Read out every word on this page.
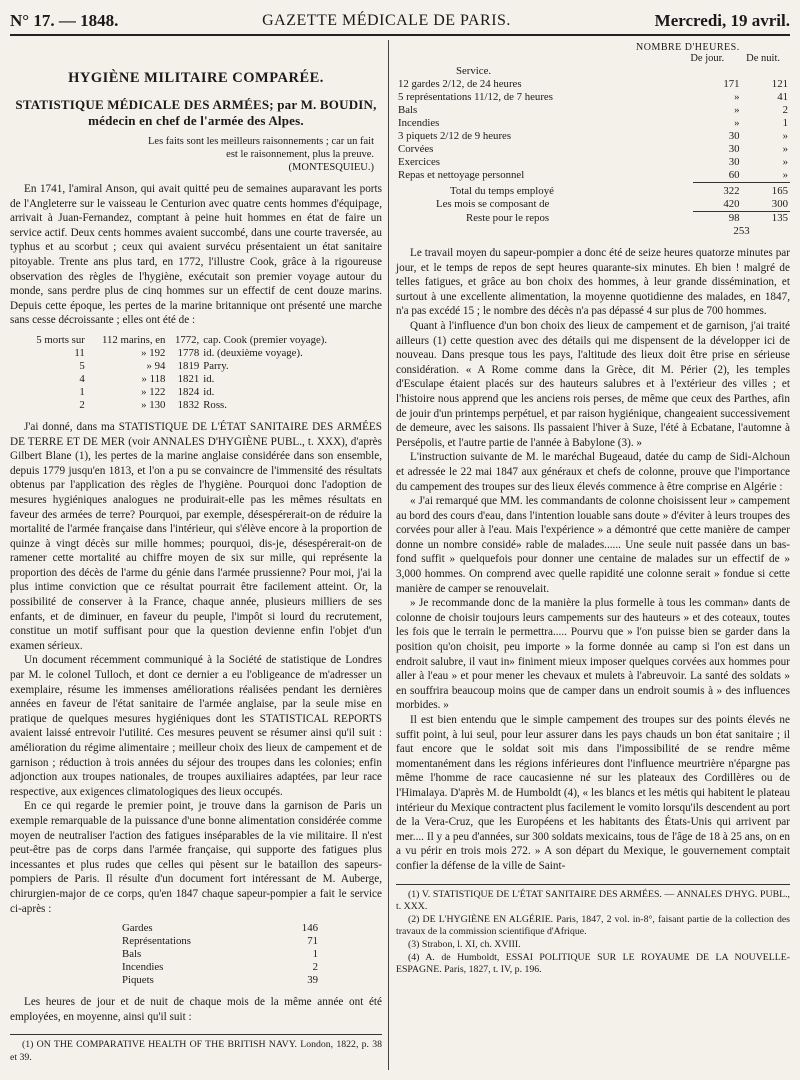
N° 17. — 1848.	GAZETTE MÉDICALE DE PARIS.	Mercredi, 19 avril.
HYGIÈNE MILITAIRE COMPARÉE.
STATISTIQUE MÉDICALE DES ARMÉES; par M. BOUDIN,
médecin en chef de l'armée des Alpes.
Les faits sont les meilleurs raisonnements ; car un fait est le raisonnement, plus la preuve.
(MONTESQUIEU.)

En 1741, l'amiral Anson, qui avait quitté peu de semaines auparavant les ports de l'Angleterre sur le vaisseau le Centurion avec quatre cents hommes d'équipage, arrivait à Juan-Fernandez, comptant à peine huit hommes en état de faire un service actif. Deux cents hommes avaient succombé, dans une courte traversée, au typhus et au scorbut ; ceux qui avaient survécu présentaient un état sanitaire pitoyable. Trente ans plus tard, en 1772, l'illustre Cook, grâce à la rigoureuse observation des règles de l'hygiène, exécutait son premier voyage autour du monde, sans perdre plus de cinq hommes sur un effectif de cent douze marins. Depuis cette époque, les pertes de la marine britannique ont présenté une marche sans cesse décroissante ; elles ont été de :

5 morts sur	112 marins, en	1772,	cap. Cook (premier voyage).
11	» 192	1778	id. (deuxième voyage).
5	» 94	1819	Parry.
4	» 118	1821	id.
1	» 122	1824	id.
2	» 130	1832	Ross.

J'ai donné, dans ma STATISTIQUE DE L'ÉTAT SANITAIRE DES ARMÉES DE TERRE ET DE MER (voir ANNALES D'HYGIÈNE PUBL., t. XXX), d'après Gilbert Blane (1), les pertes de la marine anglaise considérée dans son ensemble, depuis 1779 jusqu'en 1813, et l'on a pu se convaincre de l'immensité des résultats obtenus par l'application des règles de l'hygiène. Pourquoi donc l'adoption de mesures hygiéniques analogues ne produirait-elle pas les mêmes résultats en faveur des armées de terre? Pourquoi, par exemple, désespérerait-on de réduire la mortalité de l'armée française dans l'intérieur, qui s'élève encore à la proportion de quinze à vingt décès sur mille hommes; pourquoi, dis-je, désespérerait-on de ramener cette mortalité au chiffre moyen de six sur mille, qui représente la proportion des décès de l'arme du génie dans l'armée prussienne? Pour moi, j'ai la plus intime conviction que ce résultat pourrait être facilement atteint. Or, la possibilité de conserver à la France, chaque année, plusieurs milliers de ses enfants, et de diminuer, en faveur du peuple, l'impôt si lourd du recrutement, constitue un motif suffisant pour que la question devienne enfin l'objet d'un examen sérieux.

Un document récemment communiqué à la Société de statistique de Londres par M. le colonel Tulloch, et dont ce dernier a eu l'obligeance de m'adresser un exemplaire, résume les immenses améliorations réalisées pendant les dernières années en faveur de l'état sanitaire de l'armée anglaise, par la seule mise en pratique de quelques mesures hygiéniques dont les STATISTICAL REPORTS avaient laissé entrevoir l'utilité. Ces mesures peuvent se résumer ainsi qu'il suit : amélioration du régime alimentaire ; meilleur choix des lieux de campement et de garnison ; réduction à trois années du séjour des troupes dans les colonies; enfin adjonction aux troupes nationales, de troupes auxiliaires adaptées, par leur race respective, aux exigences climatologiques des lieux occupés.

En ce qui regarde le premier point, je trouve dans la garnison de Paris un exemple remarquable de la puissance d'une bonne alimentation considérée comme moyen de neutraliser l'action des fatigues inséparables de la vie militaire. Il n'est peut-être pas de corps dans l'armée française, qui supporte des fatigues plus incessantes et plus rudes que celles qui pèsent sur le bataillon des sapeurs-pompiers de Paris. Il résulte d'un document fort intéressant de M. Auberge, chirurgien-major de ce corps, qu'en 1847 chaque sapeur-pompier a fait le service ci-après :

Gardes	146
Représentations	71
Bals	1
Incendies	2
Piquets	39

Les heures de jour et de nuit de chaque mois de la même année ont été employées, en moyenne, ainsi qu'il suit :

(1) ON THE COMPARATIVE HEALTH OF THE BRITISH NAVY. London, 1822, p. 38 et 39.

NOMBRE D'HEURES.
De jour. De nuit.
Service.		
12 gardes 2/12, de 24 heures	171	121
5 représentations 11/12, de 7 heures	»	41
Bals	»	2
Incendies	»	1
3 piquets 2/12 de 9 heures	30	»
Corvées	30	»
Exercices	30	»
Repas et nettoyage personnel	60	»
Total du temps employé	322	165
Les mois se composant de	420	300
Reste pour le repos	98	135
	253	

Le travail moyen du sapeur-pompier a donc été de seize heures quatorze minutes par jour, et le temps de repos de sept heures quarante-six minutes. Eh bien ! malgré de telles fatigues, et grâce au bon choix des hommes, à leur grande dissémination, et surtout à une excellente alimentation, la moyenne quotidienne des malades, en 1847, n'a pas excédé 15 ; le nombre des décès n'a pas dépassé 4 sur plus de 700 hommes.

Quant à l'influence d'un bon choix des lieux de campement et de garnison, j'ai traité ailleurs (1) cette question avec des détails qui me dispensent de la développer ici de nouveau. Dans presque tous les pays, l'altitude des lieux doit être prise en sérieuse considération. « A Rome comme dans la Grèce, dit M. Périer (2), les temples d'Esculape étaient placés sur des hauteurs salubres et à l'extérieur des villes ; et l'histoire nous apprend que les anciens rois perses, de même que ceux des Parthes, afin de jouir d'un printemps perpétuel, et par raison hygiénique, changeaient successivement de demeure, avec les saisons. Ils passaient l'hiver à Suze, l'été à Ecbatane, l'automne à Persépolis, et l'autre partie de l'année à Babylone (3). »

L'instruction suivante de M. le maréchal Bugeaud, datée du camp de Sidi-Alchoun et adressée le 22 mai 1847 aux généraux et chefs de colonne, prouve que l'importance du campement des troupes sur des lieux élevés commence à être comprise en Algérie :

« J'ai remarqué que MM. les commandants de colonne choisissent leur » campement au bord des cours d'eau, dans l'intention louable sans doute » d'éviter à leurs troupes des corvées pour aller à l'eau. Mais l'expérience » a démontré que cette manière de camper donne un nombre considé» rable de malades...... Une seule nuit passée dans un bas-fond suffit » quelquefois pour donner une centaine de malades sur un effectif de » 3,000 hommes. On comprend avec quelle rapidité une colonne serait » fondue si cette manière de camper se renouvelait.

» Je recommande donc de la manière la plus formelle à tous les comman» dants de colonne de choisir toujours leurs campements sur des hauteurs » et des coteaux, toutes les fois que le terrain le permettra..... Pourvu que » l'on puisse bien se garder dans la position qu'on choisit, peu importe » la forme donnée au camp si l'on est dans un endroit salubre, il vaut in» finiment mieux imposer quelques corvées aux hommes pour aller à l'eau » et pour mener les chevaux et mulets à l'abreuvoir. La santé des soldats » en souffrira beaucoup moins que de camper dans un endroit soumis à » des influences morbides. »

Il est bien entendu que le simple campement des troupes sur des points élevés ne suffit point, à lui seul, pour leur assurer dans les pays chauds un bon état sanitaire ; il faut encore que le soldat soit mis dans l'impossibilité de se rendre même momentanément dans les régions inférieures dont l'influence meurtrière n'épargne pas même l'homme de race caucasienne né sur les plateaux des Cordillères ou de l'Himalaya. D'après M. de Humboldt (4), « les blancs et les métis qui habitent le plateau intérieur du Mexique contractent plus facilement le vomito lorsqu'ils descendent au port de la Vera-Cruz, que les Européens et les habitants des États-Unis qui arrivent par mer.... Il y a peu d'années, sur 300 soldats mexicains, tous de l'âge de 18 à 25 ans, on en a vu périr en trois mois 272. » A son départ du Mexique, le gouvernement comptait confier la défense de la ville de Saint-

(1) V. STATISTIQUE DE L'ÉTAT SANITAIRE DES ARMÉES. — ANNALES D'HYG. PUBL., t. XXX.

(2) DE L'HYGIÈNE EN ALGÉRIE. Paris, 1847, 2 vol. in-8°, faisant partie de la collection des travaux de la commission scientifique d'Afrique.

(3) Strabon, l. XI, ch. XVIII.

(4) A. de Humboldt, ESSAI POLITIQUE SUR LE ROYAUME DE LA NOUVELLE-ESPAGNE. Paris, 1827, t. IV, p. 196.
